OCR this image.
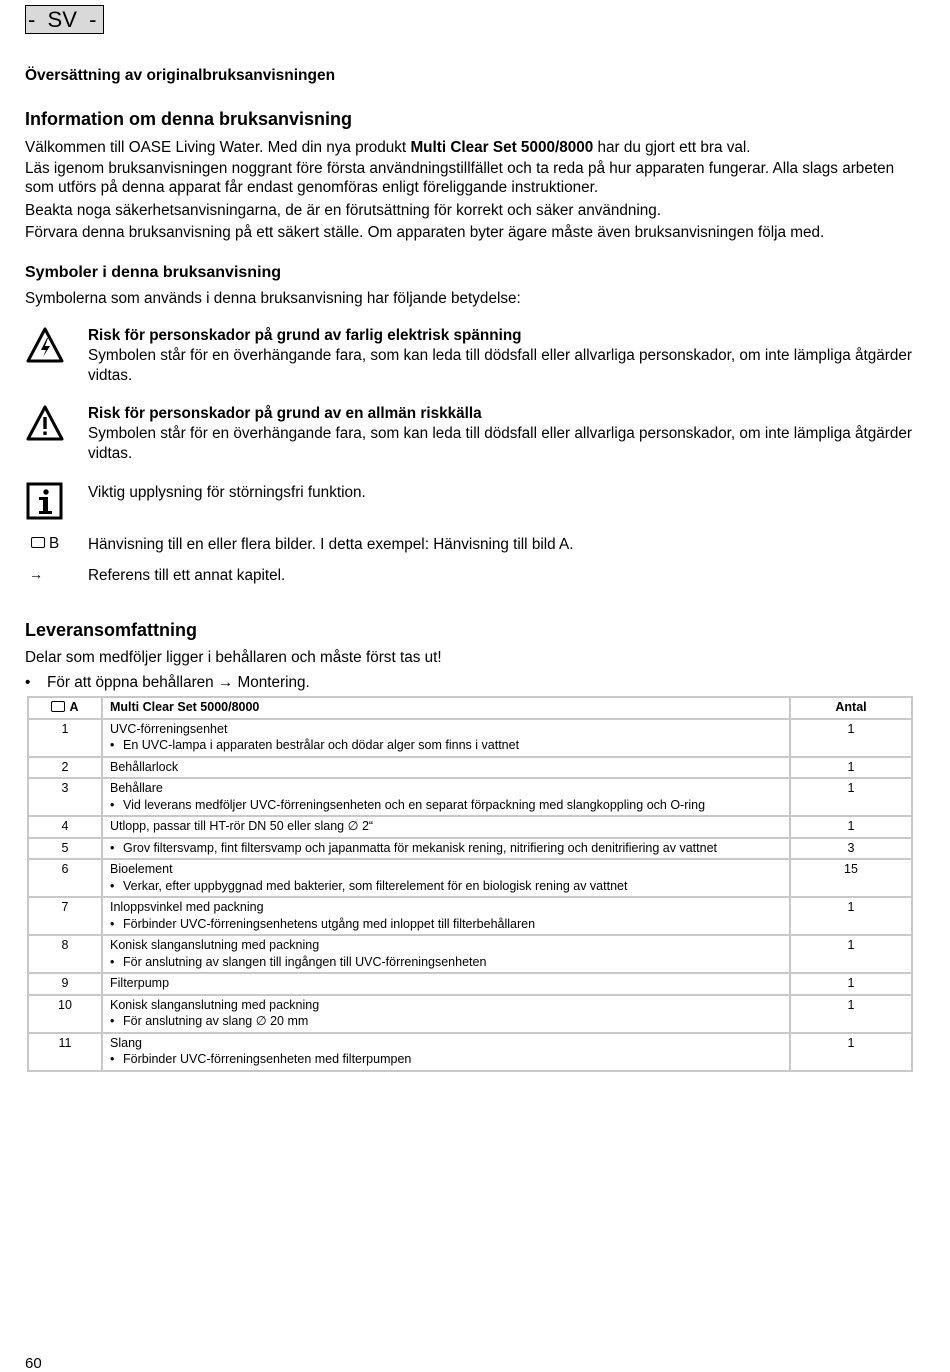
-  SV  -
Översättning av originalbruksanvisningen
Information om denna bruksanvisning

Välkommen till OASE Living Water. Med din nya produkt Multi Clear Set 5000/8000 har du gjort ett bra val.

Läs igenom bruksanvisningen noggrant före första användningstillfället och ta reda på hur apparaten fungerar. Alla slags arbeten som utförs på denna apparat får endast genomföras enligt föreliggande instruktioner.

Beakta noga säkerhetsanvisningarna, de är en förutsättning för korrekt och säker användning.

Förvara denna bruksanvisning på ett säkert ställe. Om apparaten byter ägare måste även bruksanvisningen följa med.

Symboler i denna bruksanvisning
Symbolerna som används i denna bruksanvisning har följande betydelse:
Risk för personskador på grund av farlig elektrisk spänning
Symbolen står för en överhängande fara, som kan leda till dödsfall eller allvarliga personskador, om inte lämpliga åtgärder vidtas.
Risk för personskador på grund av en allmän riskkälla
Symbolen står för en överhängande fara, som kan leda till dödsfall eller allvarliga personskador, om inte lämpliga åtgärder vidtas.
Viktig upplysning för störningsfri funktion.
B Hänvisning till en eller flera bilder. I detta exempel: Hänvisning till bild A.
→	Referens till ett annat kapitel.
Leveransomfattning
Delar som medföljer ligger i behållaren och måste först tas ut!
• För att öppna behållaren → Montering.
A	Multi Clear Set 5000/8000	Antal
1	UVC-förreningsenhet
• En UVC-lampa i apparaten bestrålar och dödar alger som finns i vattnet	1
2	Behållarlock	1
3	Behållare
• Vid leverans medföljer UVC-förreningsenheten och en separat förpackning med slangkoppling och O-ring	1
4	Utlopp, passar till HT-rör DN 50 eller slang ∅ 2“	1
5	• Grov filtersvamp, fint filtersvamp och japanmatta för mekanisk rening, nitrifiering och denitrifiering av vattnet	3
6	Bioelement
• Verkar, efter uppbyggnad med bakterier, som filterelement för en biologisk rening av vattnet	15
7	Inloppsvinkel med packning
• Förbinder UVC-förreningsenhetens utgång med inloppet till filterbehållaren	1
8	Konisk slanganslutning med packning
• För anslutning av slangen till ingången till UVC-förreningsenheten	1
9	Filterpump	1
10	Konisk slanganslutning med packning
• För anslutning av slang ∅ 20 mm	1
11	Slang
• Förbinder UVC-förreningsenheten med filterpumpen	1
60
